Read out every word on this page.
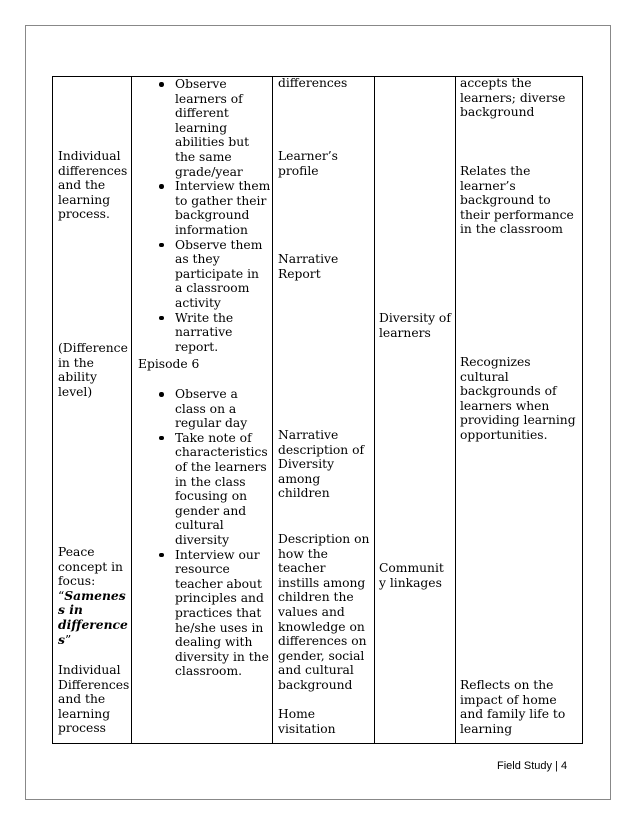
Individual
differences
and the
learning
process.
(Difference
in the
ability
level)
Peace
concept in
focus:
“Samenes
s in
difference
s”
Individual
Differences
and the
learning
process
Observe
learners of
different
learning
abilities but
the same
grade/year
Interview them
to gather their
background
information
Observe them
as they
participate in
a classroom
activity
Write the
narrative
report.
Episode 6
Observe a
class on a
regular day
Take note of
characteristics
of the learners
in the class
focusing on
gender and
cultural
diversity
Interview our
resource
teacher about
principles and
practices that
he/she uses in
dealing with
diversity in the
classroom.
differences
Learner’s
profile
Narrative
Report
Narrative
description of
Diversity
among
children
Description on
how the
teacher
instills among
children the
values and
knowledge on
differences on
gender, social
and cultural
background
Home
visitation
Diversity of
learners
Communit
y linkages
accepts the
learners; diverse
background
Relates the
learner’s
background to
their performance
in the classroom
Recognizes
cultural
backgrounds of
learners when
providing learning
opportunities.
Reflects on the
impact of home
and family life to
learning
Field Study | 4
